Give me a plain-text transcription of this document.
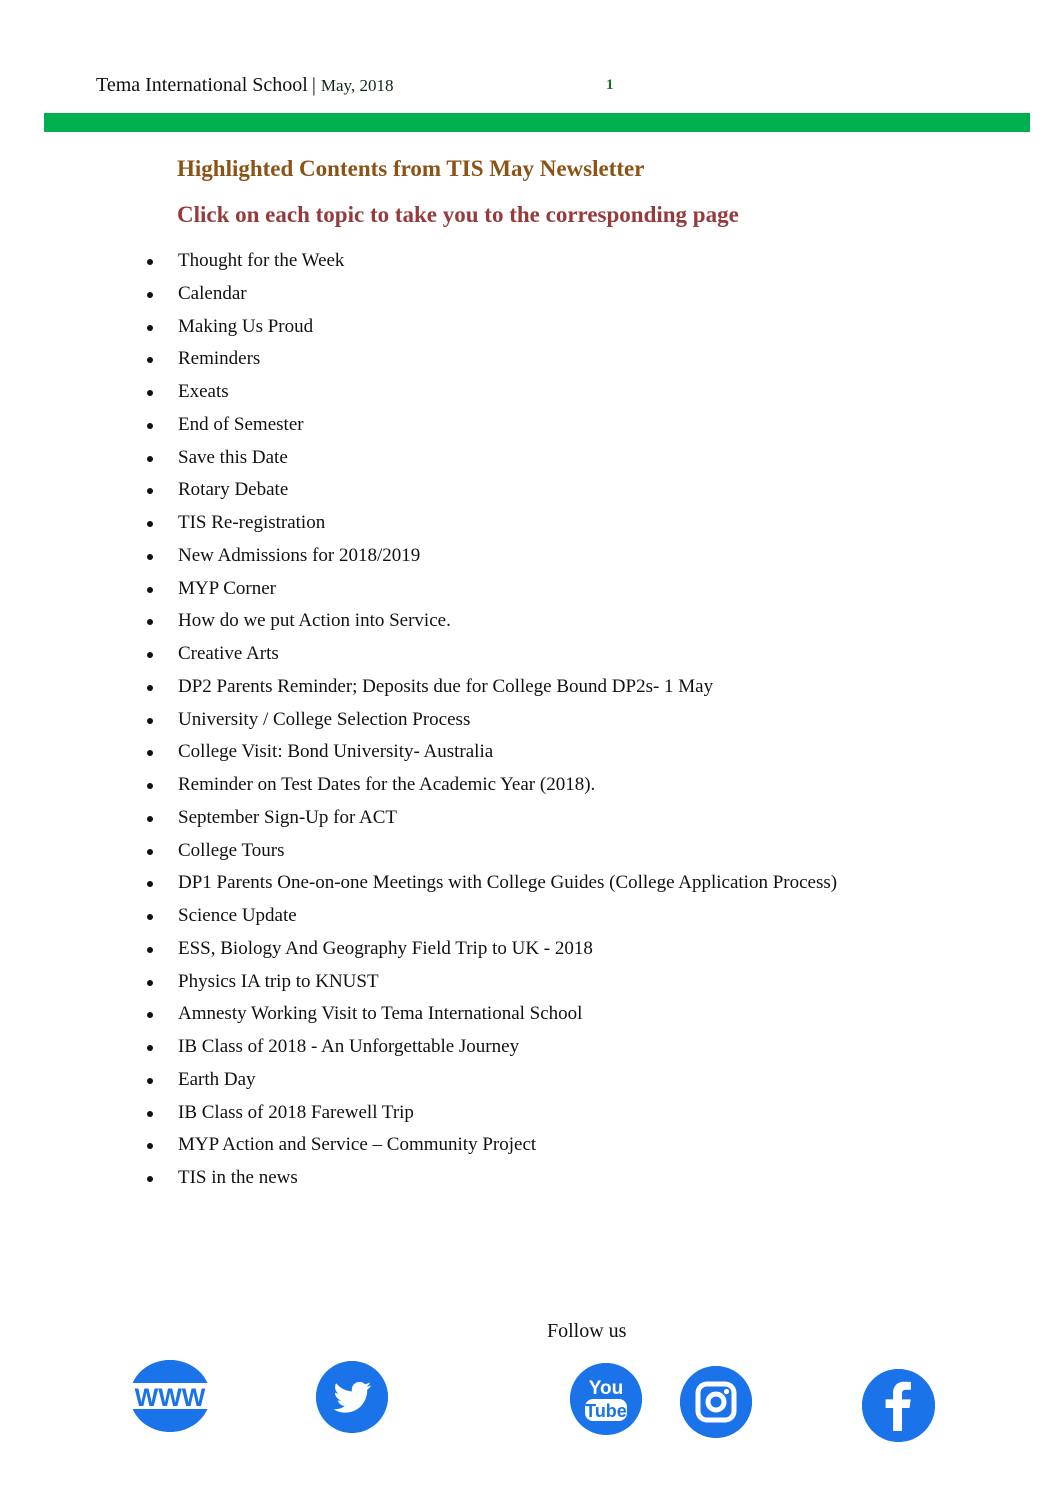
Tema International School | May, 2018	1
Highlighted Contents from TIS May Newsletter
Click on each topic to take you to the corresponding page
Thought for the Week
Calendar
Making Us Proud
Reminders
Exeats
End of Semester
Save this Date
Rotary Debate
TIS Re-registration
New Admissions for 2018/2019
MYP Corner
How do we put Action into Service.
Creative Arts
DP2 Parents Reminder; Deposits due for College Bound DP2s- 1 May
University / College Selection Process
College Visit: Bond University- Australia
Reminder on Test Dates for the Academic Year (2018).
September Sign-Up for ACT
College Tours
DP1 Parents One-on-one Meetings with College Guides (College Application Process)
Science Update
ESS, Biology And Geography Field Trip to UK - 2018
Physics IA trip to KNUST
Amnesty Working Visit to Tema International School
IB Class of 2018 - An Unforgettable Journey
Earth Day
IB Class of 2018 Farewell Trip
MYP Action and Service – Community Project
TIS in the news
Follow us
WWW	You
Tube
